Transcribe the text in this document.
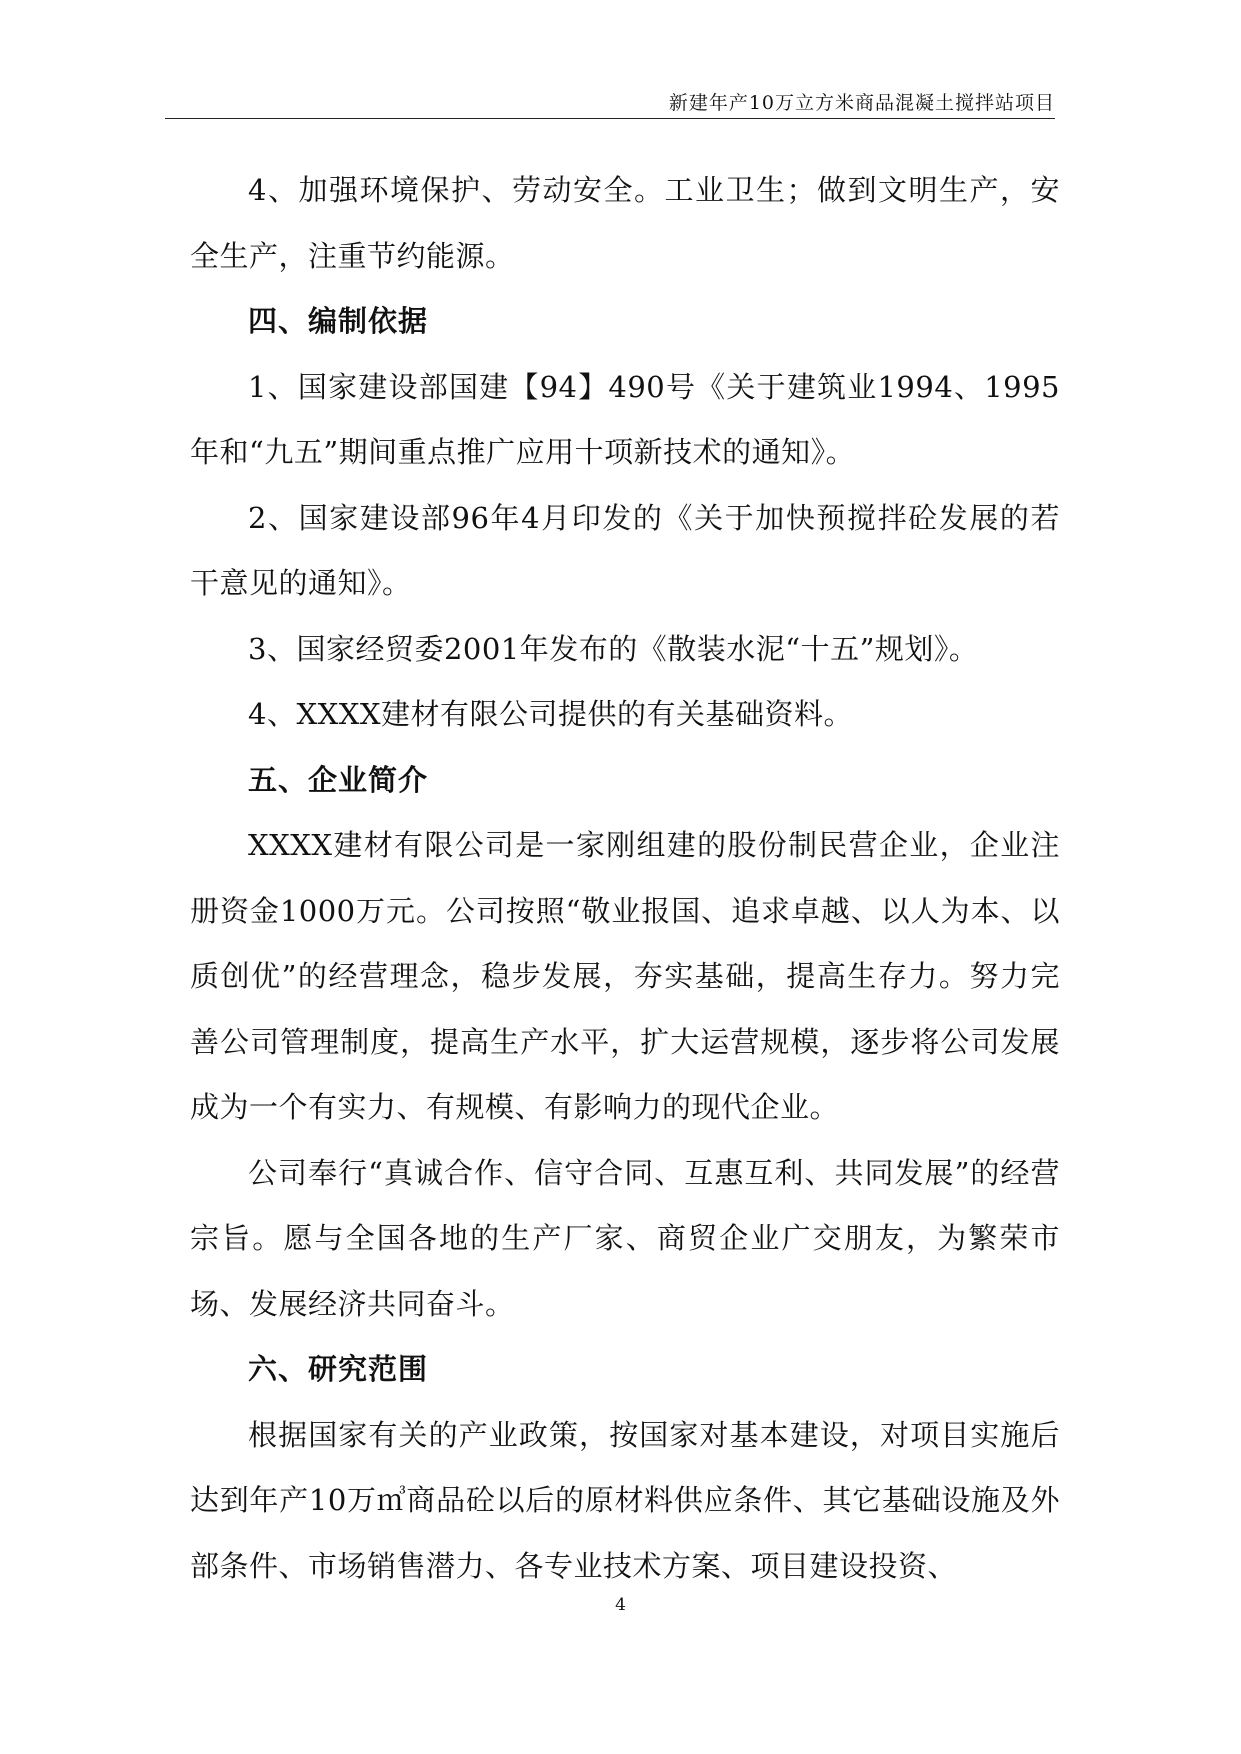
新建年产10万立方米商品混凝土搅拌站项目

4、加强环境保护、劳动安全。工业卫生；做到文明生产，安全生产，注重节约能源。

四、编制依据

1、国家建设部国建【94】490号《关于建筑业1994、1995年和“九五”期间重点推广应用十项新技术的通知》。

2、国家建设部96年4月印发的《关于加快预搅拌砼发展的若干意见的通知》。

3、国家经贸委2001年发布的《散装水泥“十五”规划》。

4、XXXX建材有限公司提供的有关基础资料。

五、企业简介

XXXX建材有限公司是一家刚组建的股份制民营企业，企业注册资金1000万元。公司按照“敬业报国、追求卓越、以人为本、以质创优”的经营理念，稳步发展，夯实基础，提高生存力。努力完善公司管理制度，提高生产水平，扩大运营规模，逐步将公司发展成为一个有实力、有规模、有影响力的现代企业。

公司奉行“真诚合作、信守合同、互惠互利、共同发展”的经营宗旨。愿与全国各地的生产厂家、商贸企业广交朋友，为繁荣市场、发展经济共同奋斗。

六、研究范围

根据国家有关的产业政策，按国家对基本建设，对项目实施后达到年产10万㎥商品砼以后的原材料供应条件、其它基础设施及外部条件、市场销售潜力、各专业技术方案、项目建设投资、

4
